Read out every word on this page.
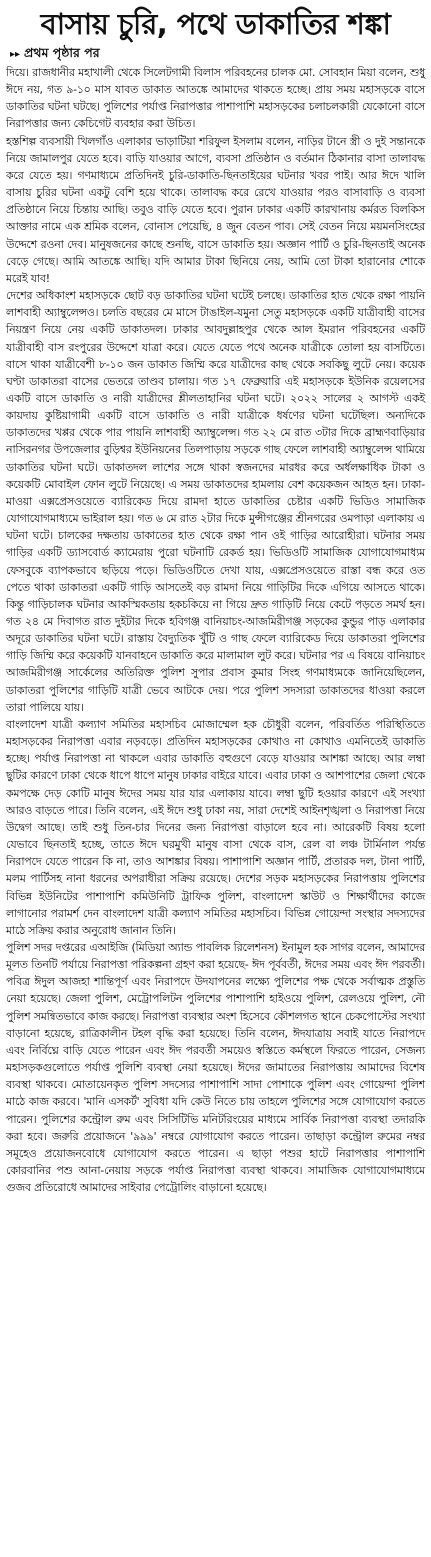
বাসায় চুরি, পথে ডাকাতির শঙ্কা
▸▸ প্রথম পৃষ্ঠার পর

দিয়ে। রাজধানীর মহাখালী থেকে সিলেটগামী বিলাস পরিবহনের চালক মো. সোবহান মিয়া বলেন, শুধু ঈদে নয়, গত ৯-১০ মাস যাবত ডাকাত আতঙ্কে আমাদের থাকতে হচ্ছে। প্রায় সময় মহাসড়কে বাসে ডাকাতির ঘটনা ঘটছে। পুলিশের পর্যাপ্ত নিরাপত্তার পাশাপাশি মহাসড়কের চলাচলকারী যেকোনো বাসে নিরাপত্তার জন্য কেচিগেট ব্যবহার করা উচিত।

হস্তশিল্প ব্যবসায়ী খিলগাঁও এলাকার ভাড়াটিয়া শরিফুল ইসলাম বলেন, নাড়ির টানে স্ত্রী ও দুই সন্তানকে নিয়ে জামালপুর যেতে হবে। বাড়ি যাওয়ার আগে, ব্যবসা প্রতিষ্ঠান ও বর্তমান ঠিকানার বাসা তালাবদ্ধ করে যেতে হয়। গণমাধ্যমে প্রতিদিনই চুরি-ডাকাতি-ছিনতাইয়ের ঘটনার খবর পাই। আর ঈদে খালি বাসায় চুরির ঘটনা একটু বেশি হয়ে থাকে। তালাবদ্ধ করে রেখে যাওয়ার পরও বাসাবাড়ি ও ব্যবসা প্রতিষ্ঠানে নিয়ে চিন্তায় আছি। তবুও বাড়ি যেতে হবে। পুরান ঢাকার একটি কারখানায় কর্মরত বিলকিস আক্তার নামে এক শ্রমিক বলেন, বোনাস পেয়েছি, ৪ জুন বেতন পাব। সেই বেতন নিয়ে ময়মনসিংহের উদ্দেশে রওনা দেব। মানুষজনের কাছে শুনছি, বাসে ডাকাতি হয়। অজ্ঞান পার্টি ও চুরি-ছিনতাই অনেক বেড়ে গেছে। আমি আতঙ্কে আছি। যদি আমার টাকা ছিনিয়ে নেয়, আমি তো টাকা হারানোর শোকে মরেই যাব!

দেশের অধিকাংশ মহাসড়কে ছোট বড় ডাকাতির ঘটনা ঘটেই চলছে। ডাকাতির হাত থেকে রক্ষা পায়নি লাশবাহী অ্যাম্বুলেন্সও। চলতি বছরের মে মাসে টাঙাইল-যমুনা সেতু মহাসড়কে একটি যাত্রীবাহী বাসের নিয়ন্ত্রণ নিয়ে নেয় একটি ডাকাতদল। ঢাকার আবদুল্লাহপুর থেকে আল ইমরান পরিবহনের একটি যাত্রীবাহী বাস রংপুরের উদ্দেশে যাত্রা করে। যেতে যেতে পথে অনেক যাত্রীকে তোলা হয় বাসটিতে। বাসে থাকা যাত্রীবেশী ৮-১০ জন ডাকাত জিম্মি করে যাত্রীদের কাছ থেকে সবকিছু লুটে নেয়। কয়েক ঘণ্টা ডাকাতরা বাসের ভেতরে তাণ্ডব চালায়। গত ১৭ ফেব্রুয়ারি এই মহাসড়কে ইউনিক রয়েলসের একটি বাসে ডাকাতি ও নারী যাত্রীদের শ্লীলতাহানির ঘটনা ঘটে। ২০২২ সালের ২ আগস্ট একই কায়দায় কুষ্টিয়াগামী একটি বাসে ডাকাতি ও নারী যাত্রীকে ধর্ষণের ঘটনা ঘটেছিল। অন্যদিকে ডাকাতদের খপ্পর থেকে পার পায়নি লাশবাহী অ্যাম্বুলেন্স। গত ২২ মে রাত ৩টার দিকে ব্রাহ্মণবাড়িয়ার নাসিরনগর উপজেলার বুড়িশ্বর ইউনিয়নের তিলপাড়ায় সড়কে গাছ ফেলে লাশবাহী অ্যাম্বুলেন্স থামিয়ে ডাকাতির ঘটনা ঘটে। ডাকাতদল লাশের সঙ্গে থাকা স্বজনদের মারধর করে অর্ধলক্ষাধিক টাকা ও কয়েকটি মোবাইল ফোন লুটে নিয়েছে। এ সময় ডাকাতদের হামলায় বেশ কয়েকজন আহত হন। ঢাকা-মাওয়া এক্সপ্রেসওয়েতে ব্যারিকেড দিয়ে রামদা হাতে ডাকাতির চেষ্টার একটি ভিডিও সামাজিক যোগাযোগমাধ্যমে ভাইরাল হয়। গত ৬ মে রাত ২টার দিকে মুন্সীগঞ্জের শ্রীনগরের ওমপাড়া এলাকায় এ ঘটনা ঘটে। চালকের দক্ষতায় ডাকাতের হাত থেকে রক্ষা পান ওই গাড়ির আরোহীরা। ঘটনার সময় গাড়ির একটি ড্যাসবোর্ড ক্যামেরায় পুরো ঘটনাটি রেকর্ড হয়। ভিডিওটি সামাজিক যোগাযোগমাধ্যম ফেসবুকে ব্যাপকভাবে ছড়িয়ে পড়ে। ভিডিওটিতে দেখা যায়, এক্সপ্রেসওয়েতে রাস্তা বন্ধ করে ওত পেতে থাকা ডাকাতরা একটি গাড়ি আসতেই বড় রামদা নিয়ে গাড়িটির দিকে এগিয়ে আসতে থাকে। কিন্তু গাড়িচালক ঘটনার আকস্মিকতায় হকচকিয়ে না গিয়ে দ্রুত গাড়িটি নিয়ে কেটে পড়তে সমর্থ হন। গত ২৪ মে দিবাগত রাত দুইটার দিকে হবিগঞ্জ বানিয়াচং-আজমিরীগঞ্জ সড়কের কুন্ডুর পাড় এলাকার অদূরে ডাকাতির ঘটনা ঘটে। রাস্তায় বৈদ্যুতিক খুঁটি ও গাছ ফেলে ব্যারিকেড দিয়ে ডাকাতরা পুলিশের গাড়ি জিম্মি করে কয়েকটি যানবাহনে ডাকাতি করে মালামাল লুট করে। ঘটনার পর এ বিষয়ে বানিয়াচং আজমিরীগঞ্জ সার্কেলের অতিরিক্ত পুলিশ সুপার প্রবাস কুমার সিংহ গণমাধ্যমকে জানিয়েছিলেন, ডাকাতরা পুলিশের গাড়িটি যাত্রী ভেবে আটকে দেয়। পরে পুলিশ সদস্যরা ডাকাতদের ধাওয়া করলে তারা পালিয়ে যায়।

বাংলাদেশ যাত্রী কল্যাণ সমিতির মহাসচিব মোজাম্মেল হক চৌধুরী বলেন, পরিবর্তিত পরিস্থিতিতে মহাসড়কের নিরাপত্তা এবার নড়বড়ে। প্রতিদিন মহাসড়কের কোথাও না কোথাও এমনিতেই ডাকাতি হচ্ছে। পর্যাপ্ত নিরাপত্তা না থাকলে এবার ডাকাতি বহুগুণে বেড়ে যাওয়ার আশঙ্কা আছে। আর লম্বা ছুটির কারণে ঢাকা থেকে ধাপে ধাপে মানুষ ঢাকার বাইরে যাবে। এবার ঢাকা ও আশপাশের জেলা থেকে কমপক্ষে দেড় কোটি মানুষ ঈদের সময় যার যার এলাকায় যাবে। লম্বা ছুটি হওয়ার কারণে এই সংখ্যা আরও বাড়তে পারে। তিনি বলেন, এই ঈদে শুধু ঢাকা নয়, সারা দেশেই আইনশৃঙ্খলা ও নিরাপত্তা নিয়ে উদ্বেগ আছে। তাই শুধু তিন-চার দিনের জন্য নিরাপত্তা বাড়ালে হবে না। আরেকটি বিষয় হলো যেভাবে ছিনতাই হচ্ছে, তাতে ঈদে ঘরমুখী মানুষ বাসা থেকে বাস, রেল বা লঞ্চ টার্মিনাল পর্যন্ত নিরাপদে যেতে পারেন কি না, তাও আশঙ্কার বিষয়। পাশাপাশি অজ্ঞান পার্টি, প্রতারক দল, টানা পার্টি, মলম পার্টিসহ নানা ধরনের অপরাধীরা সক্রিয় রয়েছে। দেশের সড়ক মহাসড়কের নিরাপত্তায় পুলিশের বিভিন্ন ইউনিটের পাশাপাশি কমিউনিটি ট্রাফিক পুলিশ, বাংলাদেশ স্কাউট ও শিক্ষার্থীদের কাজে লাগানোর পরামর্শ দেন বাংলাদেশ যাত্রী কল্যাণ সমিতির মহাসচিব। বিভিন্ন গোয়েন্দা সংস্থার সদস্যদের মাঠে সক্রিয় করার অনুরোধ জানান তিনি।

পুলিশ সদর দপ্তরের এআইজি (মিডিয়া অ্যান্ড পাবলিক রিলেশনস) ইনামুল হক সাগর বলেন, আমাদের মূলত তিনটি পর্যায়ে নিরাপত্তা পরিকল্পনা গ্রহণ করা হয়েছে- ঈদ পূর্ববর্তী, ঈদের সময় এবং ঈদ পরবর্তী। পবিত্র ঈদুল আজহা শান্তিপূর্ণ এবং নিরাপদে উদযাপনের লক্ষ্যে পুলিশের পক্ষ থেকে সর্বাত্মক প্রস্তুতি নেয়া হয়েছে। জেলা পুলিশ, মেট্রোপলিটন পুলিশের পাশাপাশি হাইওয়ে পুলিশ, রেলওয়ে পুলিশ, নৌ পুলিশ সমন্বিতভাবে কাজ করছে। নিরাপত্তা ব্যবস্থার অংশ হিসেবে কৌশলগত স্থানে চেকপোস্টের সংখ্যা বাড়ানো হয়েছে, রাত্রিকালীন টহল বৃদ্ধি করা হয়েছে। তিনি বলেন, ঈদযাত্রায় সবাই যাতে নিরাপদে এবং নির্বিঘ্নে বাড়ি যেতে পারেন এবং ঈদ পরবর্তী সময়েও স্বস্তিতে কর্মস্থলে ফিরতে পারেন, সেজন্য মহাসড়কগুলোতে পর্যাপ্ত পুলিশি ব্যবস্থা নেয়া হয়েছে। ঈদের জামাতের নিরাপত্তায় আমাদের বিশেষ ব্যবস্থা থাকবে। মোতায়েনকৃত পুলিশ সদস্যের পাশাপাশি সাদা পোশাকে পুলিশ এবং গোয়েন্দা পুলিশ মাঠে কাজ করবে। 'মানি এসকর্ট' সুবিধা যদি কেউ নিতে চায় তাহলে পুলিশের সঙ্গে যোগাযোগ করতে পারেন। পুলিশের কন্ট্রোল রুম এবং সিসিটিভি মনিটরিংয়ের মাধ্যমে সার্বিক নিরাপত্তা ব্যবস্থা তদারকি করা হবে। জরুরি প্রয়োজনে '৯৯৯' নম্বরে যোগাযোগ করতে পারেন। তাছাড়া কন্ট্রোল রুমের নম্বর সমূহেও প্রয়োজনবোধে যোগাযোগ করতে পারেন। এ ছাড়া পশুর হাটে নিরাপত্তার পাশাপাশি কোরবানির পশু আনা-নেয়ায় সড়কে পর্যাপ্ত নিরাপত্তা ব্যবস্থা থাকবে। সামাজিক যোগাযোগমাধ্যমে গুজব প্রতিরোধে আমাদের সাইবার পেট্রোলিং বাড়ানো হয়েছে।
